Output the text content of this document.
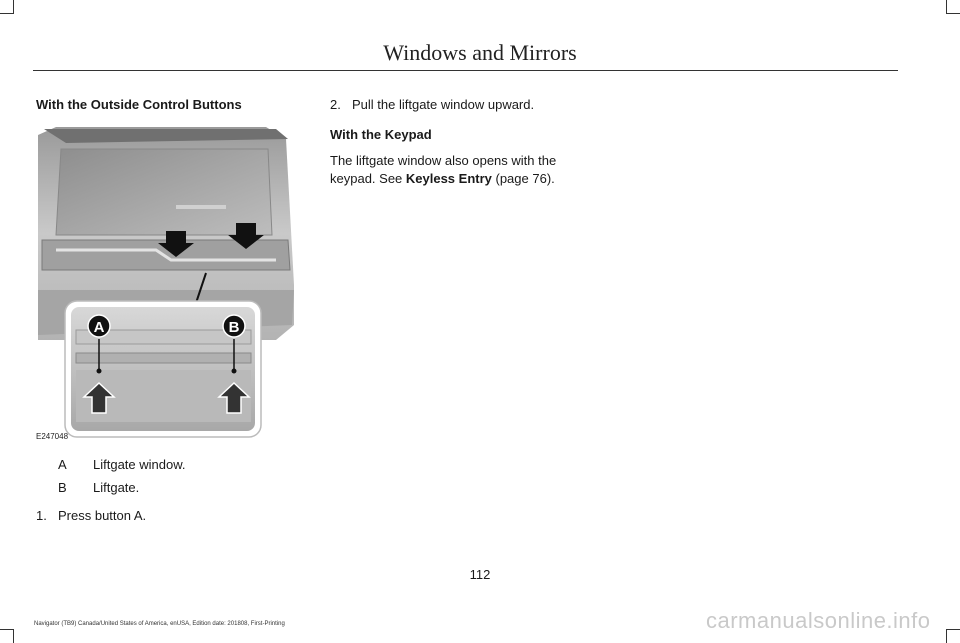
Windows and Mirrors
With the Outside Control Buttons
A	B
E247048
A Liftgate window.
B Liftgate.
1. Press button A.
2. Pull the liftgate window upward.
With the Keypad
The liftgate window also opens with the
keypad. See Keyless Entry (page 76).
112
Navigator (TB9) Canada/United States of America, enUSA, Edition date: 201808, First-Printing	carmanualsonline.info
